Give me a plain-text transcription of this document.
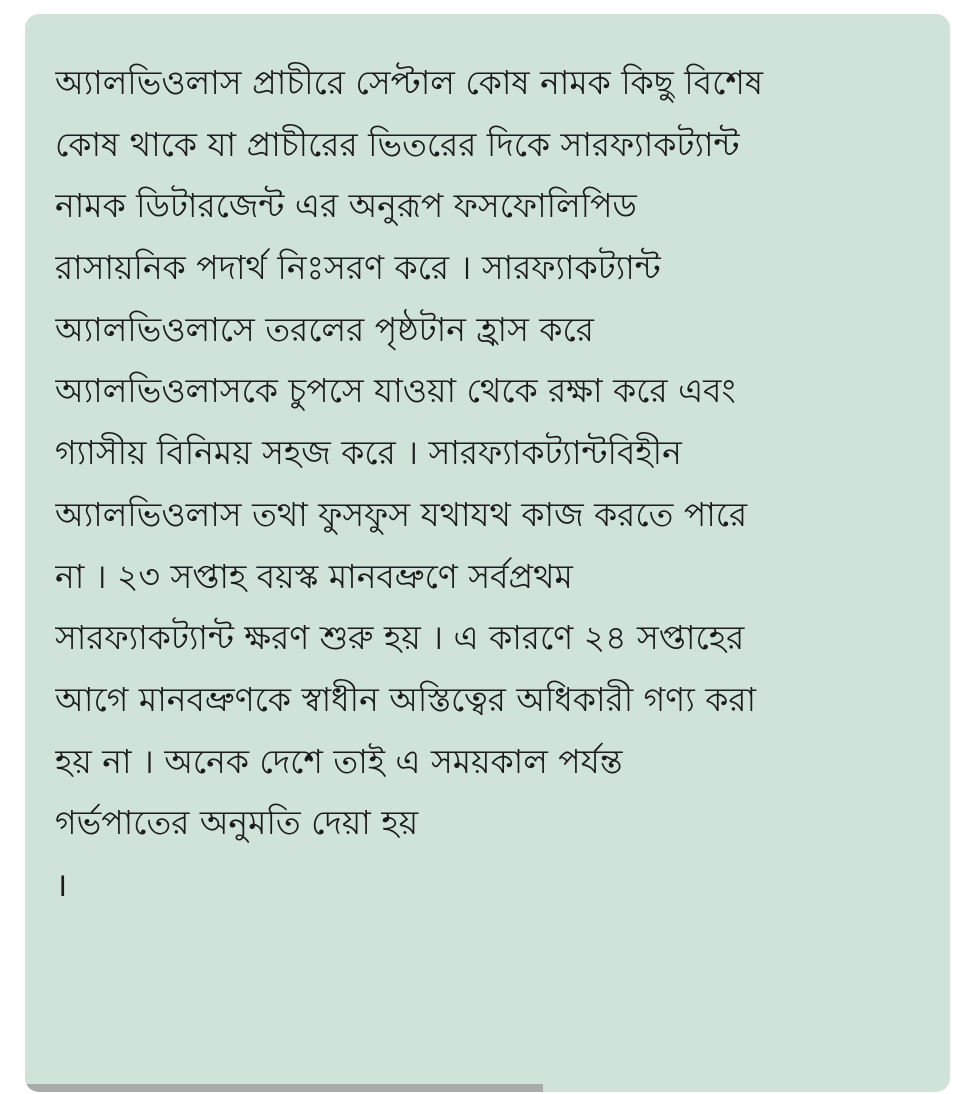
অ্যালভিওলাস প্রাচীরে সেপ্টাল কোষ নামক কিছু বিশেষ
কোষ থাকে যা প্রাচীরের ভিতরের দিকে সারফ্যাকট্যান্ট
নামক ডিটারজেন্ট এর অনুরূপ ফসফোলিপিড
রাসায়নিক পদার্থ নিঃসরণ করে । সারফ্যাকট্যান্ট
অ্যালভিওলাসে তরলের পৃষ্ঠটান হ্রাস করে
অ্যালভিওলাসকে চুপসে যাওয়া থেকে রক্ষা করে এবং
গ্যাসীয় বিনিময় সহজ করে । সারফ্যাকট্যান্টবিহীন
অ্যালভিওলাস তথা ফুসফুস যথাযথ কাজ করতে পারে
না । ২৩ সপ্তাহ বয়স্ক মানবভ্রুণে সর্বপ্রথম
সারফ্যাকট্যান্ট ক্ষরণ শুরু হয় । এ কারণে ২৪ সপ্তাহের
আগে মানবভ্রুণকে স্বাধীন অস্তিত্বের অধিকারী গণ্য করা
হয় না । অনেক দেশে তাই এ সময়কাল পর্যন্ত
গর্ভপাতের অনুমতি দেয়া হয়
।
